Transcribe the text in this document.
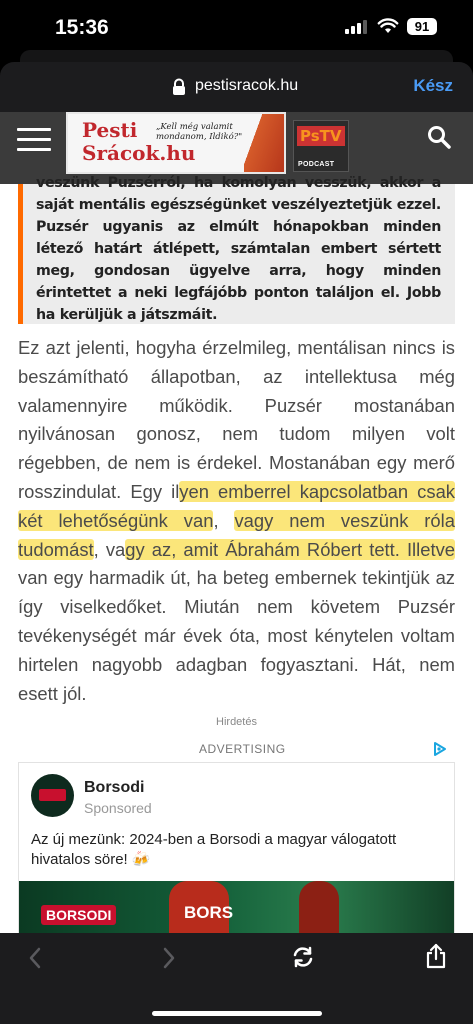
15:36	91
pestisracok.hu	Kész
Pesti
Srácok.hu
„Kell még valamit mondanom, Ildikó?"	PsTV
PODCAST
veszünk Puzsérról, ha komolyan vesszük, akkor a saját mentális egészségünket veszélyeztetjük ezzel. Puzsér ugyanis az elmúlt hónapokban minden létező határt átlépett, számtalan embert sértett meg, gondosan ügyelve arra, hogy minden érintettet a neki legfájóbb ponton találjon el. Jobb ha kerüljük a játszmáit.
Ez azt jelenti, hogyha érzelmileg, mentálisan nincs is beszámítható állapotban, az intellektusa még valamennyire működik. Puzsér mostanában nyilvánosan gonosz, nem tudom milyen volt régebben, de nem is érdekel. Mostanában egy merő rosszindulat. Egy ilyen emberrel kapcsolatban csak két lehetőségünk van, vagy nem veszünk róla tudomást, vagy az, amit Ábrahám Róbert tett. Illetve van egy harmadik út, ha beteg embernek tekintjük az így viselkedőket. Miután nem követem Puzsér tevékenységét már évek óta, most kénytelen voltam hirtelen nagyobb adagban fogyasztani. Hát, nem esett jól.
Hirdetés
ADVERTISING
Borsodi
Sponsored
Az új mezünk: 2024-ben a Borsodi a magyar válogatott hivatalos söre! 🍻
BORSODI	BORS
